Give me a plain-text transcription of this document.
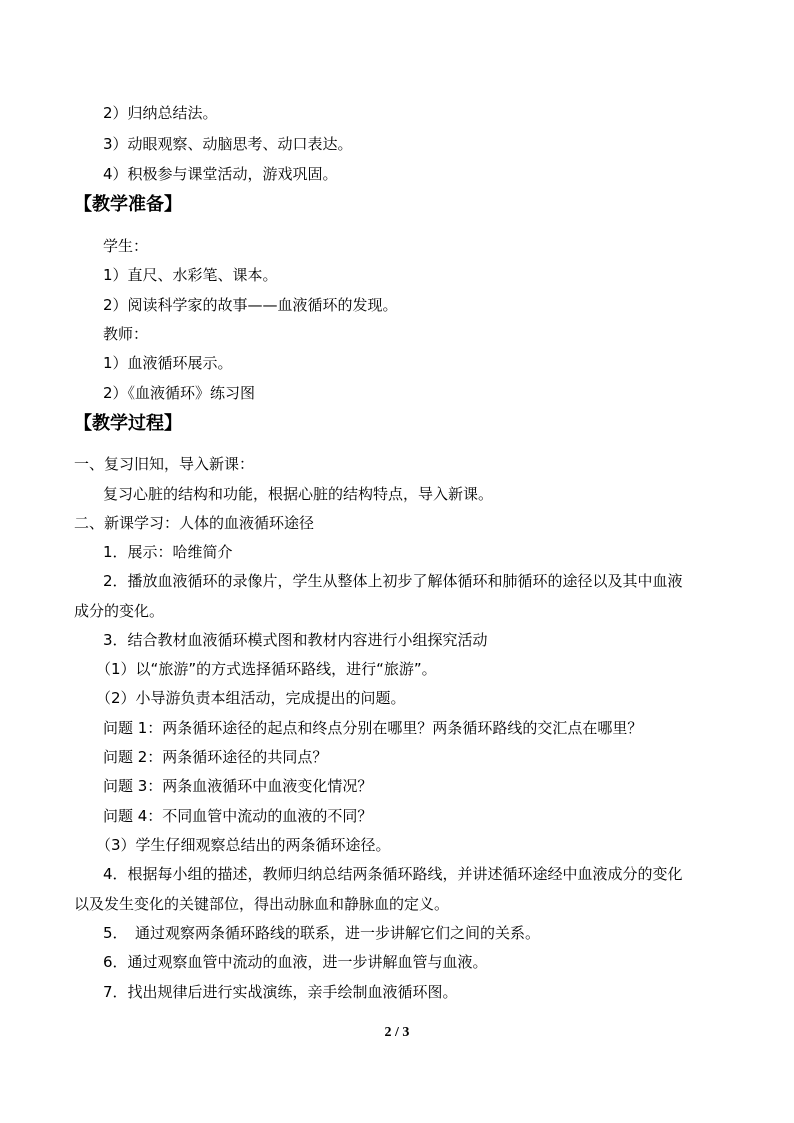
2）归纳总结法。
3）动眼观察、动脑思考、动口表达。
4）积极参与课堂活动，游戏巩固。
【教学准备】
学生：
1）直尺、水彩笔、课本。
2）阅读科学家的故事——血液循环的发现。
教师：
1）血液循环展示。
2）《血液循环》练习图
【教学过程】
一、复习旧知，导入新课：
复习心脏的结构和功能，根据心脏的结构特点，导入新课。
二、新课学习：人体的血液循环途径
1．展示：哈维简介
2．播放血液循环的录像片，学生从整体上初步了解体循环和肺循环的途径以及其中血液
成分的变化。
3．结合教材血液循环模式图和教材内容进行小组探究活动
（1）以“旅游”的方式选择循环路线，进行“旅游”。
（2）小导游负责本组活动，完成提出的问题。
问题 1：两条循环途径的起点和终点分别在哪里？两条循环路线的交汇点在哪里？
问题 2：两条循环途径的共同点？
问题 3：两条血液循环中血液变化情况？
问题 4：不同血管中流动的血液的不同？
（3）学生仔细观察总结出的两条循环途径。
4．根据每小组的描述，教师归纳总结两条循环路线，并讲述循环途经中血液成分的变化
以及发生变化的关键部位，得出动脉血和静脉血的定义。
5．　通过观察两条循环路线的联系，进一步讲解它们之间的关系。
6．通过观察血管中流动的血液，进一步讲解血管与血液。
7．找出规律后进行实战演练，亲手绘制血液循环图。
2 / 3
